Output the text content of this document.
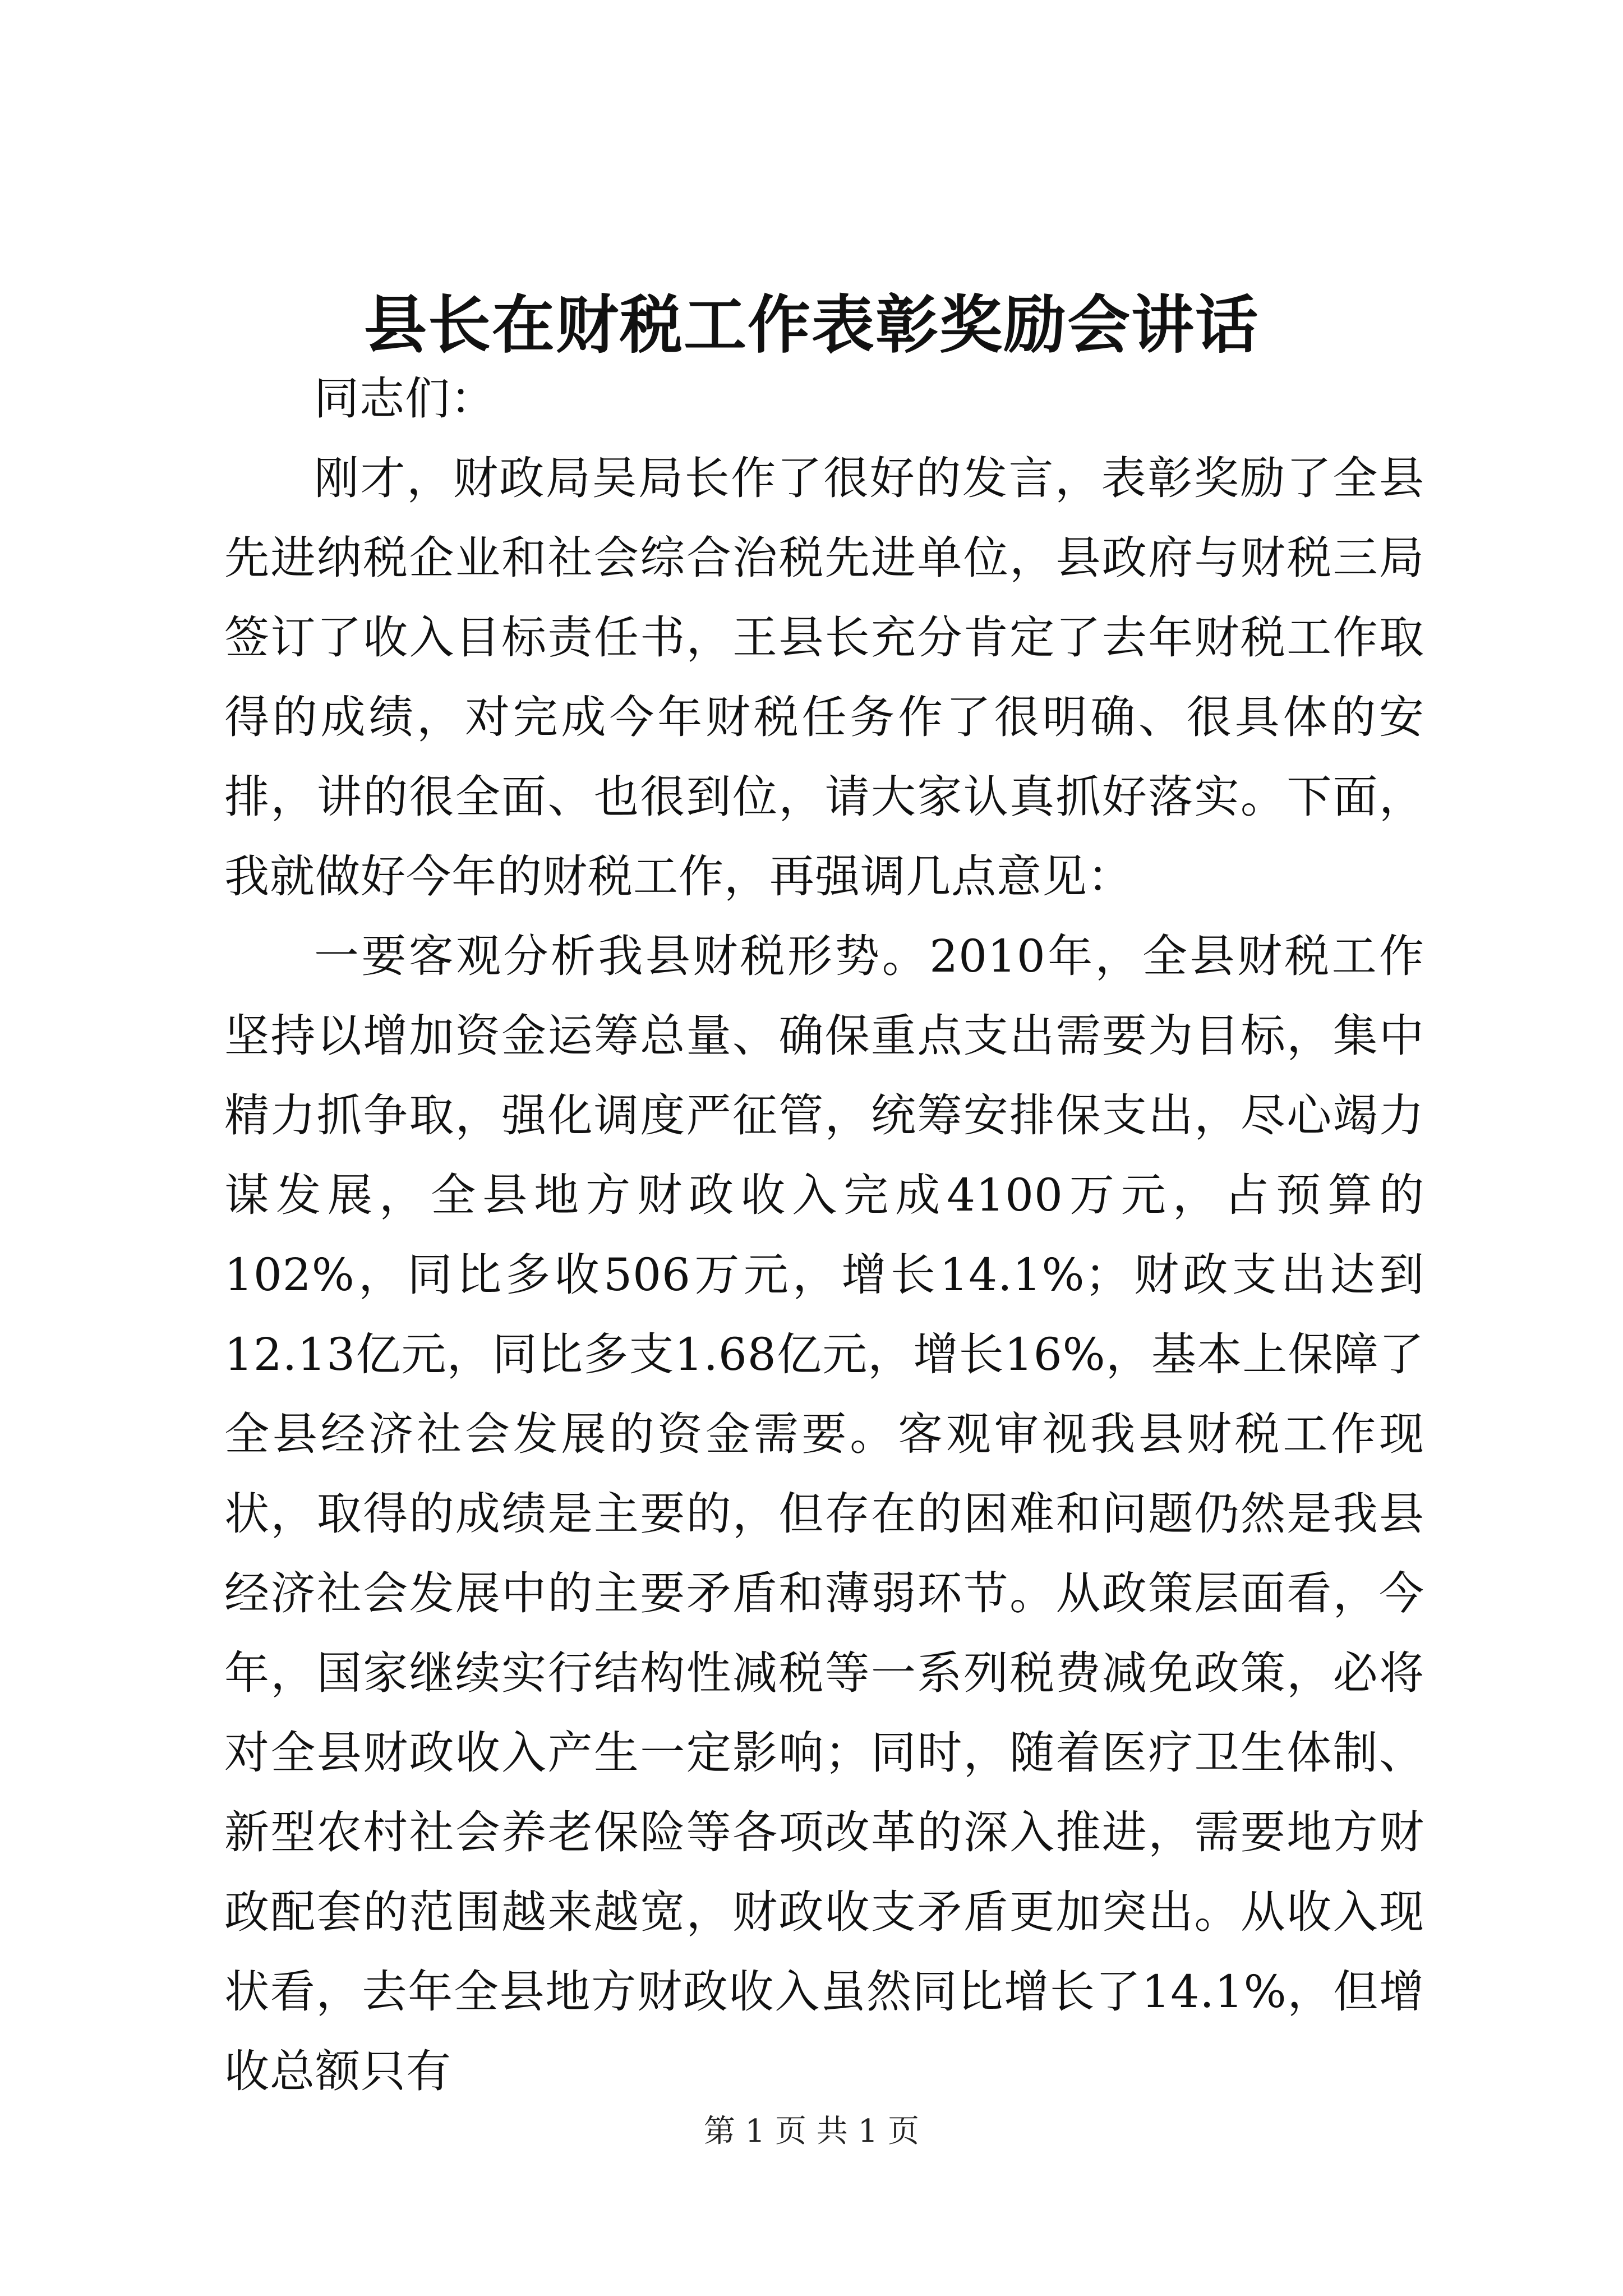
县长在财税工作表彰奖励会讲话

同志们：

刚才，财政局吴局长作了很好的发言，表彰奖励了全县先进纳税企业和社会综合治税先进单位，县政府与财税三局签订了收入目标责任书，王县长充分肯定了去年财税工作取得的成绩，对完成今年财税任务作了很明确、很具体的安排，讲的很全面、也很到位，请大家认真抓好落实。下面，我就做好今年的财税工作，再强调几点意见：

一要客观分析我县财税形势。2010年，全县财税工作坚持以增加资金运筹总量、确保重点支出需要为目标，集中精力抓争取，强化调度严征管，统筹安排保支出，尽心竭力谋发展，全县地方财政收入完成4100万元，占预算的102%，同比多收506万元，增长14.1%；财政支出达到12.13亿元，同比多支1.68亿元，增长16%，基本上保障了全县经济社会发展的资金需要。客观审视我县财税工作现状，取得的成绩是主要的，但存在的困难和问题仍然是我县经济社会发展中的主要矛盾和薄弱环节。从政策层面看，今年，国家继续实行结构性减税等一系列税费减免政策，必将对全县财政收入产生一定影响；同时，随着医疗卫生体制、新型农村社会养老保险等各项改革的深入推进，需要地方财政配套的范围越来越宽，财政收支矛盾更加突出。从收入现状看，去年全县地方财政收入虽然同比增长了14.1%，但增收总额只有

第 1 页 共 1 页
